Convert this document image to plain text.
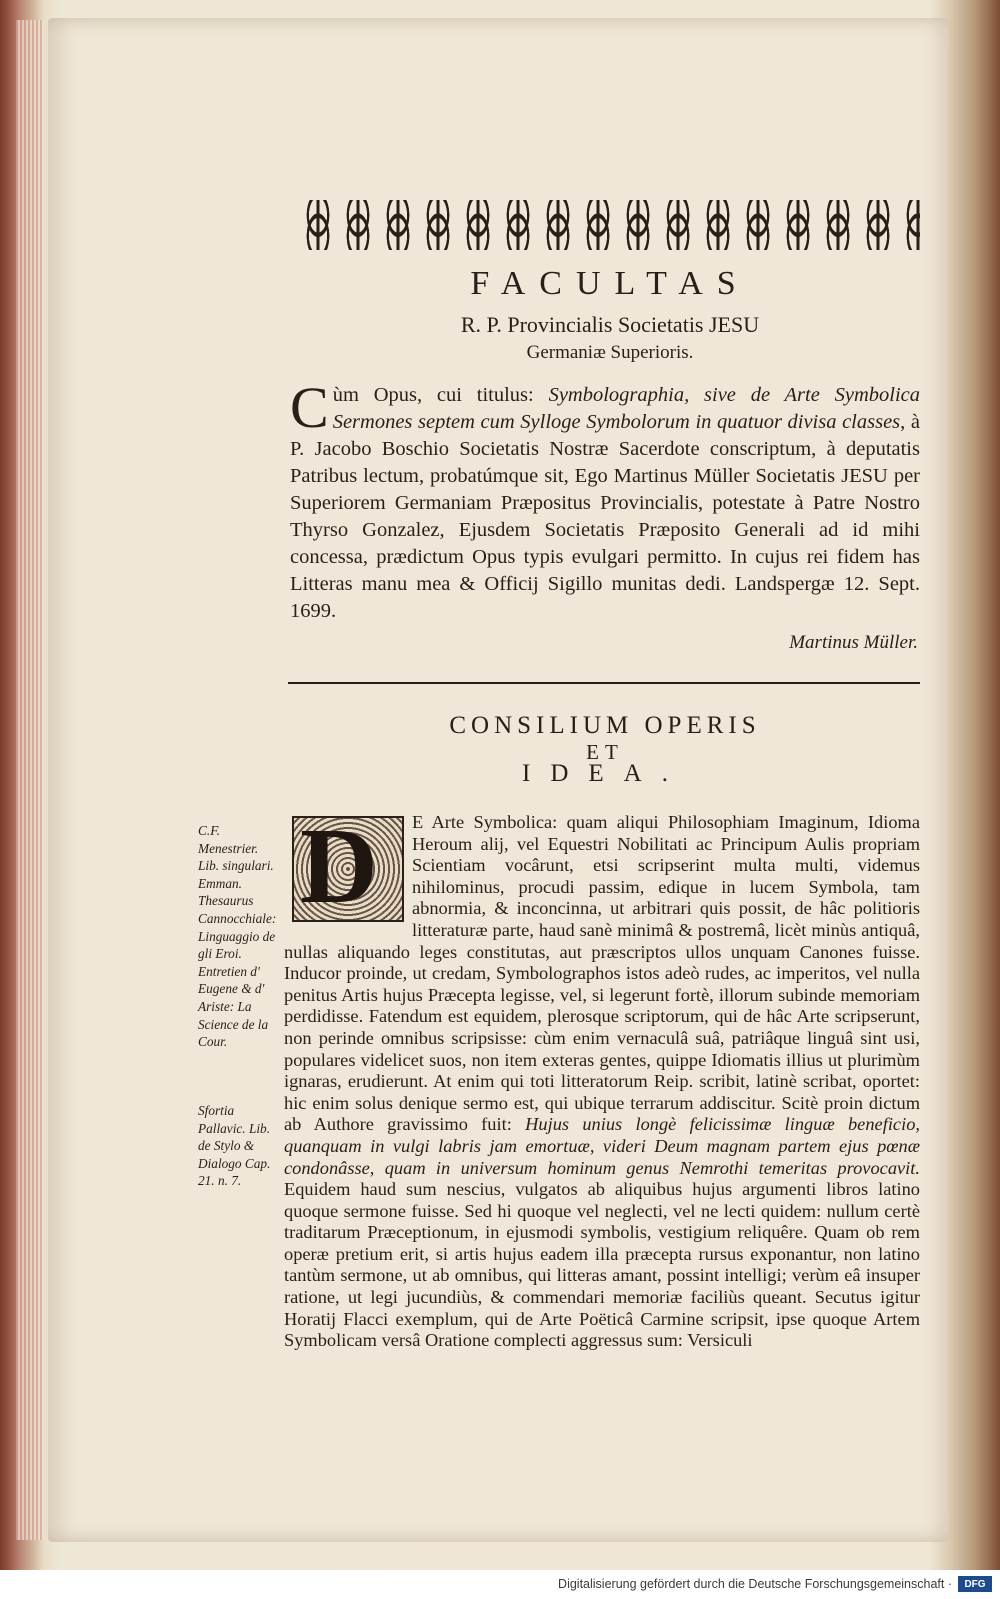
FACULTAS
R. P. Provincialis Societatis JESU
Germaniæ Superioris.
Cùm Opus, cui titulus: Symbolographia, sive de Arte Symbolica Sermones septem cum Sylloge Symbolorum in quatuor divisa classes, à P. Jacobo Boschio Societatis Nostræ Sacerdote conscriptum, à deputatis Patribus lectum, probatúmque sit, Ego Martinus Müller Societatis JESU per Superiorem Germaniam Præpositus Provincialis, potestate à Patre Nostro Thyrso Gonzalez, Ejusdem Societatis Præposito Generali ad id mihi concessa, prædictum Opus typis evulgari permitto. In cujus rei fidem has Litteras manu mea & Officij Sigillo munitas dedi. Landspergæ 12. Sept. 1699.
Martinus Müller.
CONSILIUM OPERIS
ET
IDEA.
E Arte Symbolica: quam aliqui Philosophiam Imaginum, Idioma Heroum alij, vel Equestri Nobilitati ac Principum Aulis propriam Scientiam vocârunt, etsi scripserint multa multi, videmus nihilominus, procudi passim, edique in lucem Symbola, tam abnormia, & inconcinna, ut arbitrari quis possit, de hâc politioris litteraturæ parte, haud sanè minimâ & postremâ, licèt minùs antiquâ, nullas aliquando leges constitutas, aut præscriptos ullos unquam Canones fuisse. Inducor proinde, ut credam, Symbolographos istos adeò rudes, ac imperitos, vel nulla penitus Artis hujus Præcepta legisse, vel, si legerunt fortè, illorum subinde memoriam perdidisse. Fatendum est equidem, plerosque scriptorum, qui de hâc Arte scripserunt, non perinde omnibus scripsisse: cùm enim vernaculâ suâ, patriâque linguâ sint usi, populares videlicet suos, non item exteras gentes, quippe Idiomatis illius ut plurimùm ignaras, erudierunt. At enim qui toti litteratorum Reip. scribit, latinè scribat, oportet: hic enim solus denique sermo est, qui ubique terrarum addiscitur. Scitè proin dictum ab Authore gravissimo fuit: Hujus unius longè felicissimæ linguæ beneficio, quanquam in vulgi labris jam emortuæ, videri Deum magnam partem ejus pœnæ condonâsse, quam in universum hominum genus Nemrothi temeritas provocavit. Equidem haud sum nescius, vulgatos ab aliquibus hujus argumenti libros latino quoque sermone fuisse. Sed hi quoque vel neglecti, vel ne lecti quidem: nullum certè traditarum Præceptionum, in ejusmodi symbolis, vestigium reliquêre. Quam ob rem operæ pretium erit, si artis hujus eadem illa præcepta rursus exponantur, non latino tantùm sermone, ut ab omnibus, qui litteras amant, possint intelligi; verùm eâ insuper ratione, ut legi jucundiùs, & commendari memoriæ faciliùs queant. Secutus igitur Horatij Flacci exemplum, qui de Arte Poëticâ Carmine scripsit, ipse quoque Artem Symbolicam versâ Oratione complecti aggressus sum: Versiculi
D
C.F. Menestrier. Lib. singulari. Emman. Thesaurus Cannocchiale: Linguaggio de gli Eroi. Entretien d' Eugene & d' Ariste: La Science de la Cour.
Sfortia Pallavic. Lib. de Stylo & Dialogo Cap. 21. n. 7.
Digitalisierung gefördert durch die Deutsche Forschungsgemeinschaft ·	DFG
